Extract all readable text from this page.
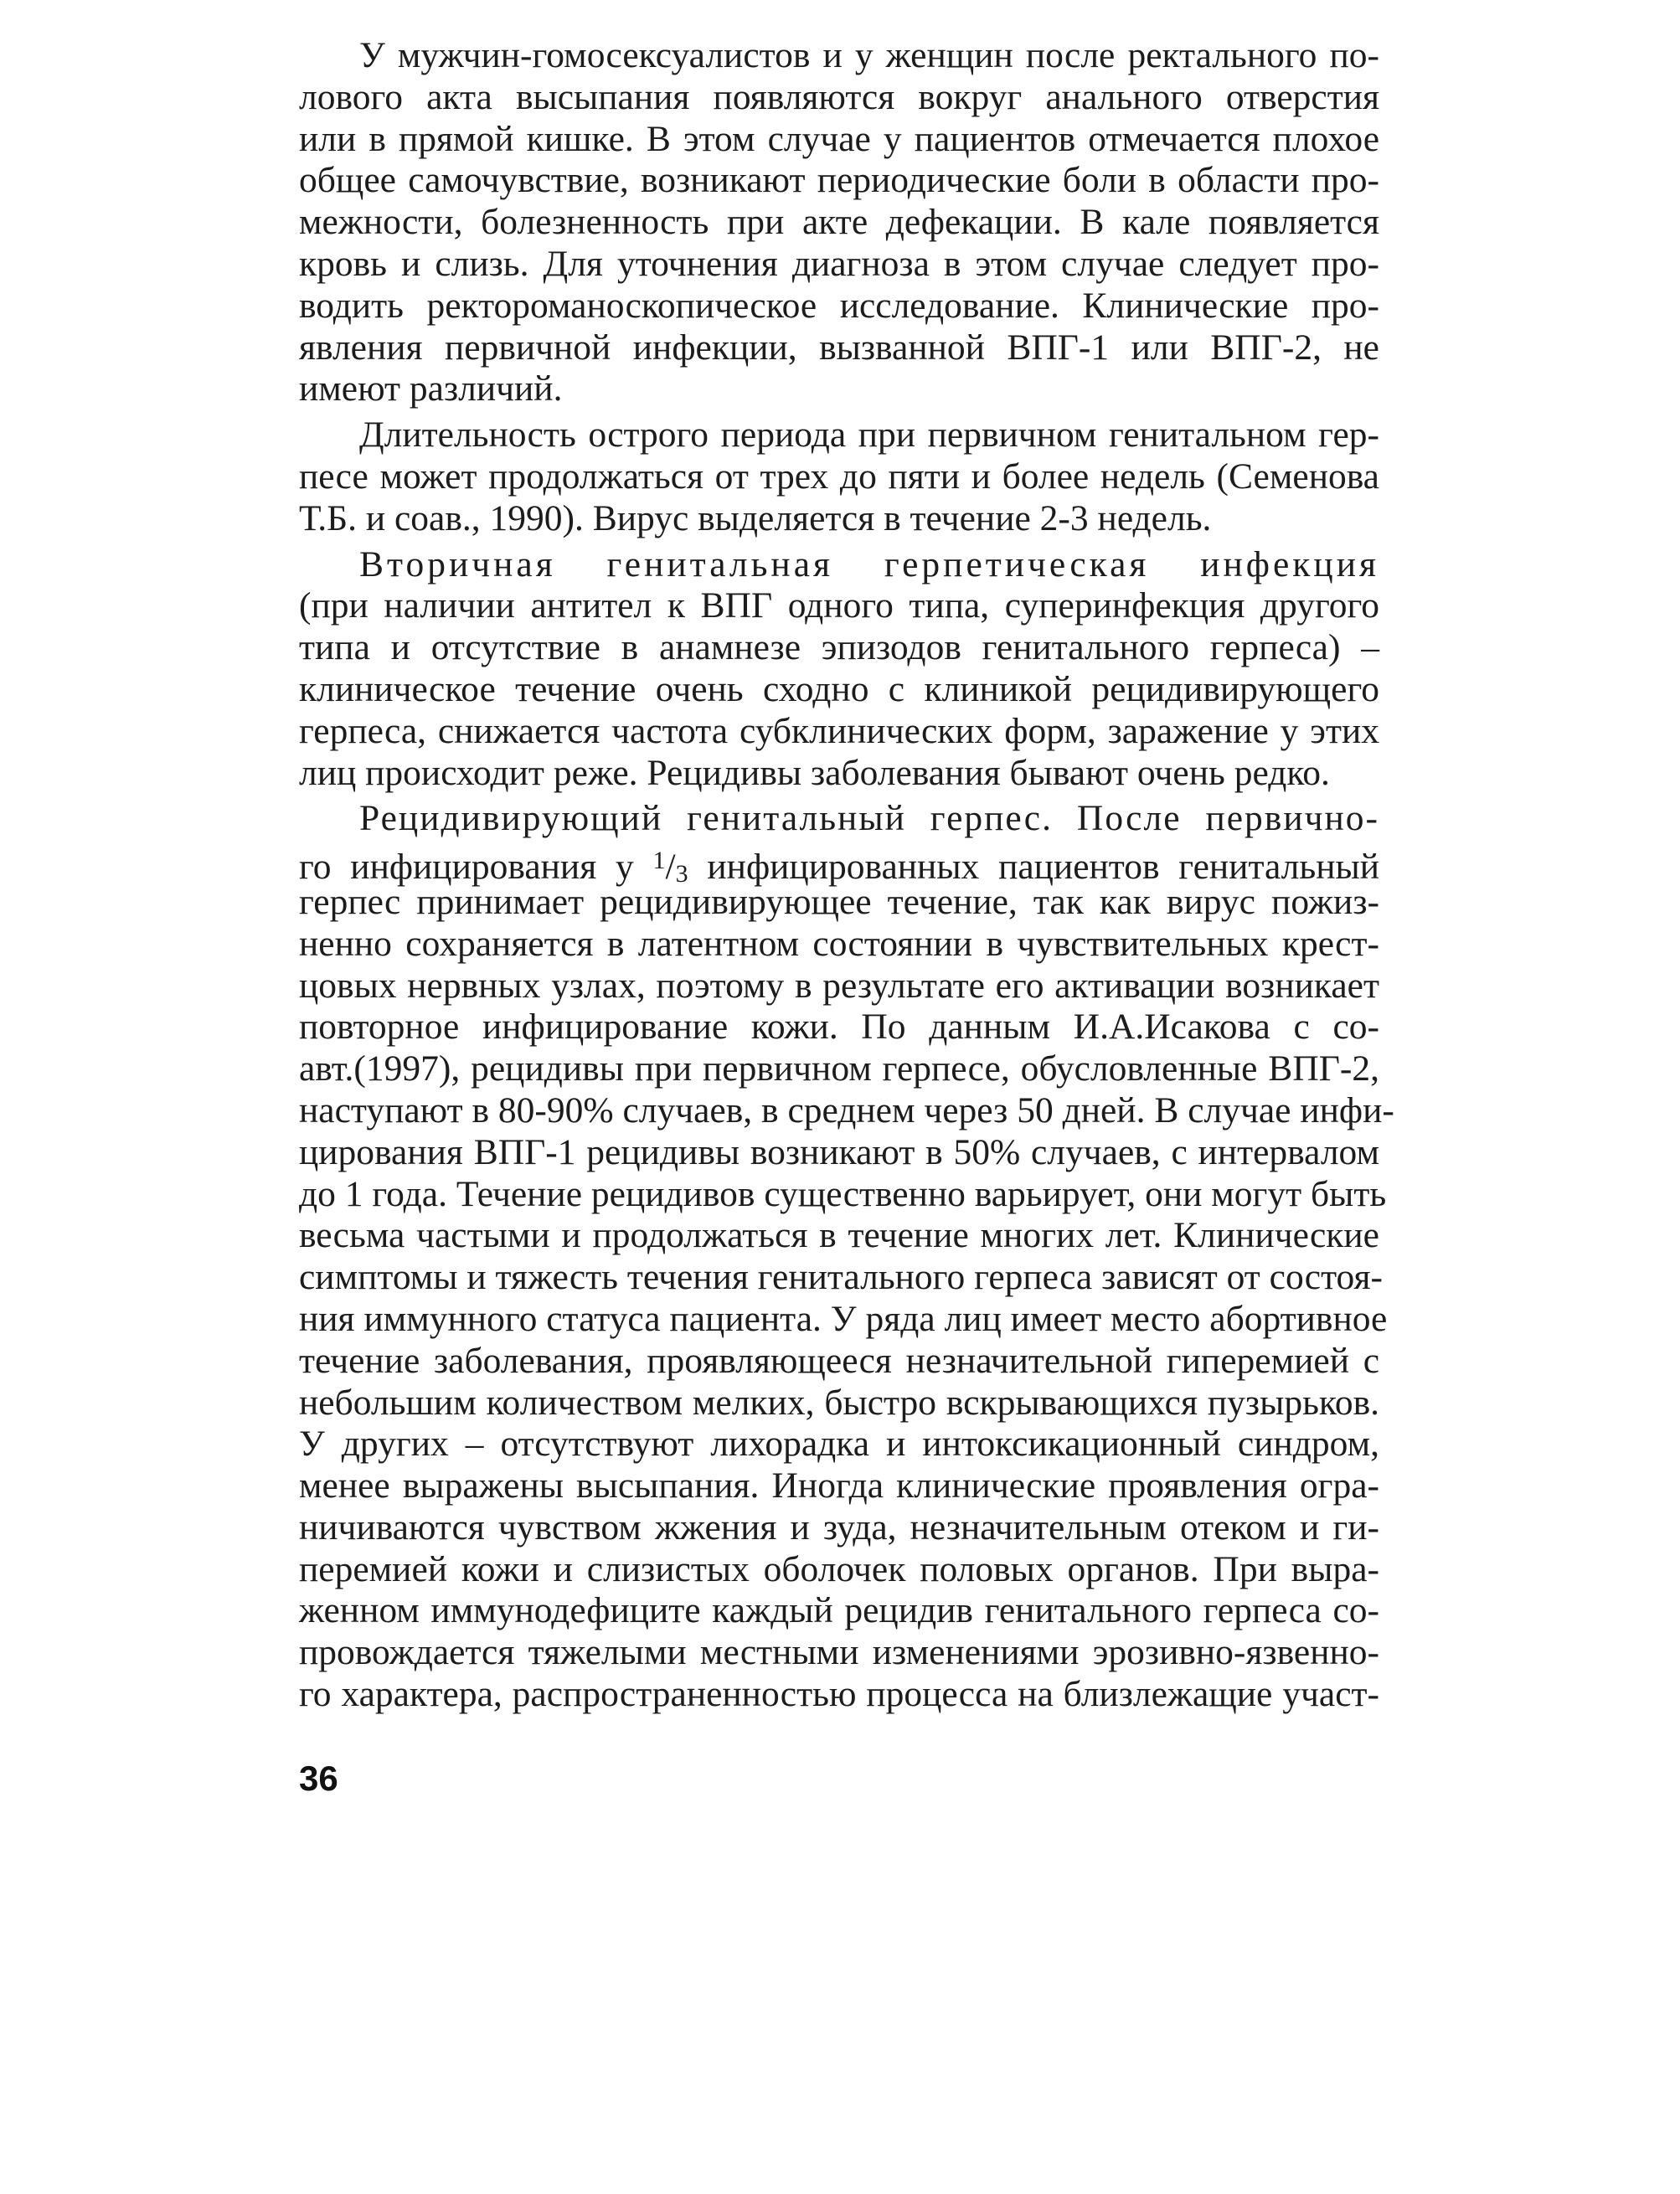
У мужчин-гомосексуалистов и у женщин после ректального по-
лового акта высыпания появляются вокруг анального отверстия
или в прямой кишке. В этом случае у пациентов отмечается плохое
общее самочувствие, возникают периодические боли в области про-
межности, болезненность при акте дефекации. В кале появляется
кровь и слизь. Для уточнения диагноза в этом случае следует про-
водить ректороманоскопическое исследование. Клинические про-
явления первичной инфекции, вызванной ВПГ-1 или ВПГ-2, не
имеют различий.
Длительность острого периода при первичном генитальном гер-
песе может продолжаться от трех до пяти и более недель (Семенова
Т.Б. и соав., 1990). Вирус выделяется в течение 2-3 недель.
Вторичная генитальная герпетическая инфекция
(при наличии антител к ВПГ одного типа, суперинфекция другого
типа и отсутствие в анамнезе эпизодов генитального герпеса) –
клиническое течение очень сходно с клиникой рецидивирующего
герпеса, снижается частота субклинических форм, заражение у этих
лиц происходит реже. Рецидивы заболевания бывают очень редко.
Рецидивирующий генитальный герпес. После первично-
го инфицирования у 1/3 инфицированных пациентов генитальный
герпес принимает рецидивирующее течение, так как вирус пожиз-
ненно сохраняется в латентном состоянии в чувствительных крест-
цовых нервных узлах, поэтому в результате его активации возникает
повторное инфицирование кожи. По данным И.А.Исакова с со-
авт.(1997), рецидивы при первичном герпесе, обусловленные ВПГ-2,
наступают в 80-90% случаев, в среднем через 50 дней. В случае инфи-
цирования ВПГ-1 рецидивы возникают в 50% случаев, с интервалом
до 1 года. Течение рецидивов существенно варьирует, они могут быть
весьма частыми и продолжаться в течение многих лет. Клинические
симптомы и тяжесть течения генитального герпеса зависят от состоя-
ния иммунного статуса пациента. У ряда лиц имеет место абортивное
течение заболевания, проявляющееся незначительной гиперемией с
небольшим количеством мелких, быстро вскрывающихся пузырьков.
У других – отсутствуют лихорадка и интоксикационный синдром,
менее выражены высыпания. Иногда клинические проявления огра-
ничиваются чувством жжения и зуда, незначительным отеком и ги-
перемией кожи и слизистых оболочек половых органов. При выра-
женном иммунодефиците каждый рецидив генитального герпеса со-
провождается тяжелыми местными изменениями эрозивно-язвенно-
го характера, распространенностью процесса на близлежащие участ-
36
